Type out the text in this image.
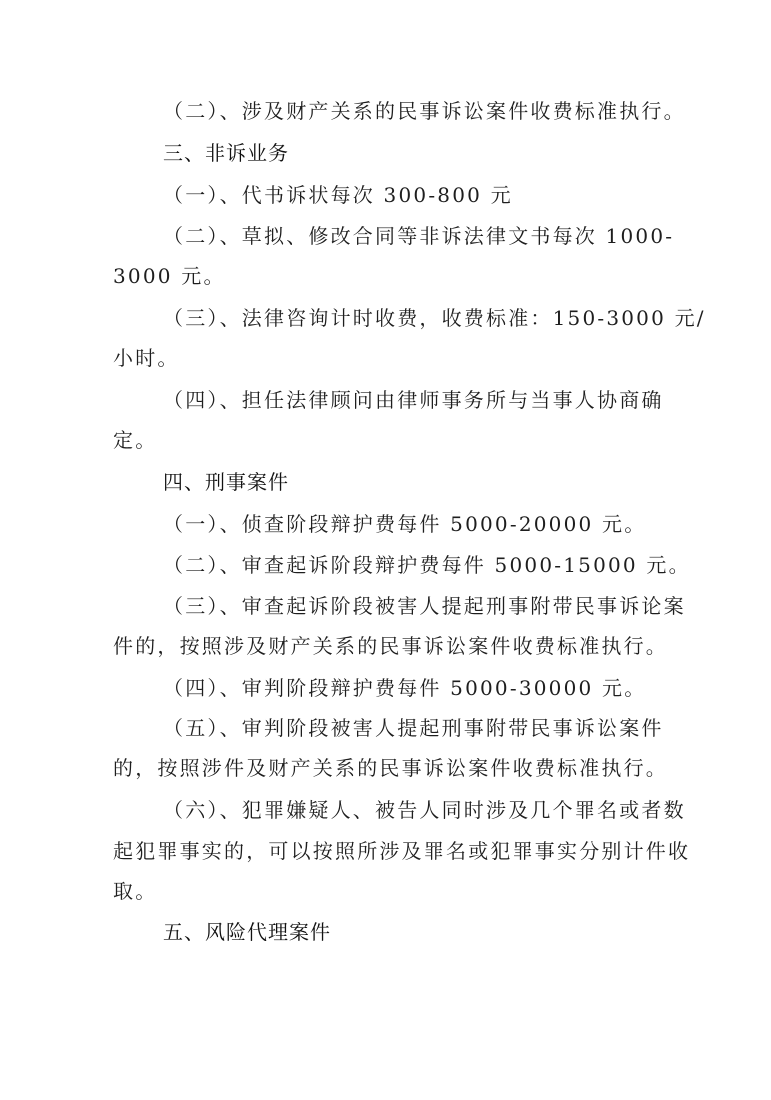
（二）、涉及财产关系的民事诉讼案件收费标准执行。
三、非诉业务
（一）、代书诉状每次 300-800 元
（二）、草拟、修改合同等非诉法律文书每次 1000-
3000 元。
（三）、法律咨询计时收费，收费标准：150-3000 元/
小时。
（四）、担任法律顾问由律师事务所与当事人协商确
定。
四、刑事案件
（一）、侦查阶段辩护费每件 5000-20000 元。
（二）、审查起诉阶段辩护费每件 5000-15000 元。
（三）、审查起诉阶段被害人提起刑事附带民事诉论案
件的，按照涉及财产关系的民事诉讼案件收费标准执行。
（四）、审判阶段辩护费每件 5000-30000 元。
（五）、审判阶段被害人提起刑事附带民事诉讼案件
的，按照涉件及财产关系的民事诉讼案件收费标准执行。
（六）、犯罪嫌疑人、被告人同时涉及几个罪名或者数
起犯罪事实的，可以按照所涉及罪名或犯罪事实分别计件收
取。
五、风险代理案件
